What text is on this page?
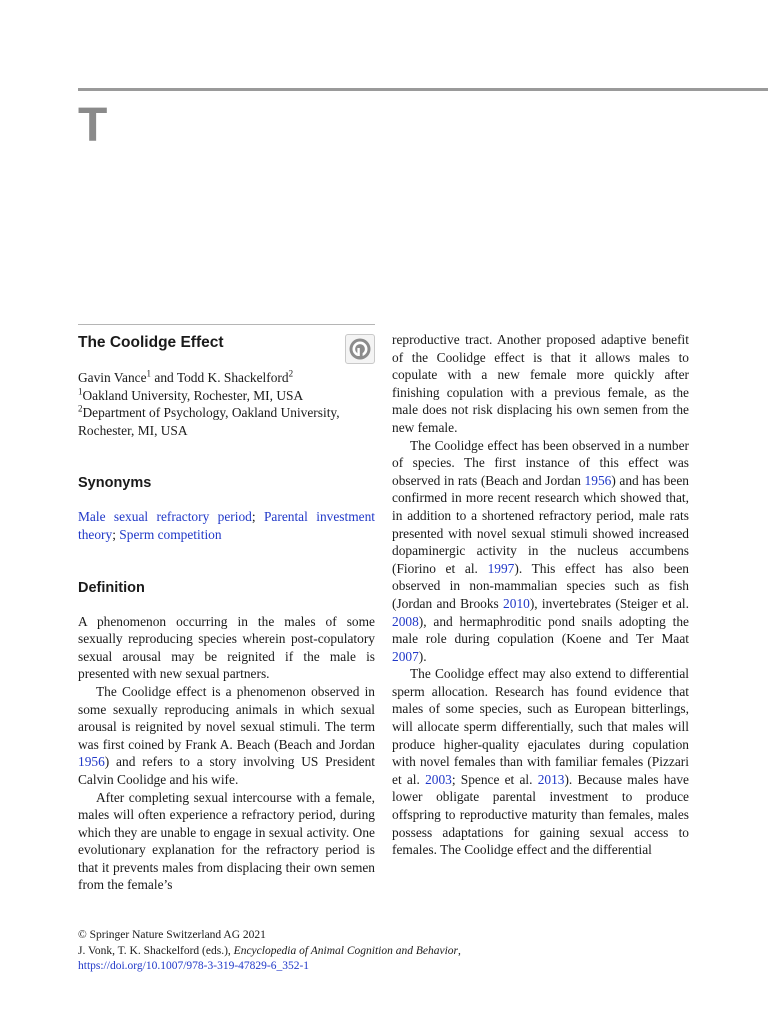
T
The Coolidge Effect

Gavin Vance$^1$ and Todd K. Shackelford$^2$

$^1$Oakland University, Rochester, MI, USA

$^2$Department of Psychology, Oakland University, Rochester, MI, USA

Synonyms

Male sexual refractory period; Parental investment theory; Sperm competition

Definition

A phenomenon occurring in the males of some sexually reproducing species wherein post-copulatory sexual arousal may be reignited if the male is presented with new sexual partners.

The Coolidge effect is a phenomenon observed in some sexually reproducing animals in which sexual arousal is reignited by novel sexual stimuli. The term was first coined by Frank A. Beach (Beach and Jordan 1956) and refers to a story involving US President Calvin Coolidge and his wife.

After completing sexual intercourse with a female, males will often experience a refractory period, during which they are unable to engage in sexual activity. One evolutionary explanation for the refractory period is that it prevents males from displacing their own semen from the female’s

reproductive tract. Another proposed adaptive benefit of the Coolidge effect is that it allows males to copulate with a new female more quickly after finishing copulation with a previous female, as the male does not risk displacing his own semen from the new female.

The Coolidge effect has been observed in a number of species. The first instance of this effect was observed in rats (Beach and Jordan 1956) and has been confirmed in more recent research which showed that, in addition to a shortened refractory period, male rats presented with novel sexual stimuli showed increased dopaminergic activity in the nucleus accumbens (Fiorino et al. 1997). This effect has also been observed in non-mammalian species such as fish (Jordan and Brooks 2010), invertebrates (Steiger et al. 2008), and hermaphroditic pond snails adopting the male role during copulation (Koene and Ter Maat 2007).

The Coolidge effect may also extend to differential sperm allocation. Research has found evidence that males of some species, such as European bitterlings, will allocate sperm differentially, such that males will produce higher-quality ejaculates during copulation with novel females than with familiar females (Pizzari et al. 2003; Spence et al. 2013). Because males have lower obligate parental investment to produce offspring to reproductive maturity than females, males possess adaptations for gaining sexual access to females. The Coolidge effect and the differential

© Springer Nature Switzerland AG 2021

J. Vonk, T. K. Shackelford (eds.), Encyclopedia of Animal Cognition and Behavior,

https://doi.org/10.1007/978-3-319-47829-6_352-1
